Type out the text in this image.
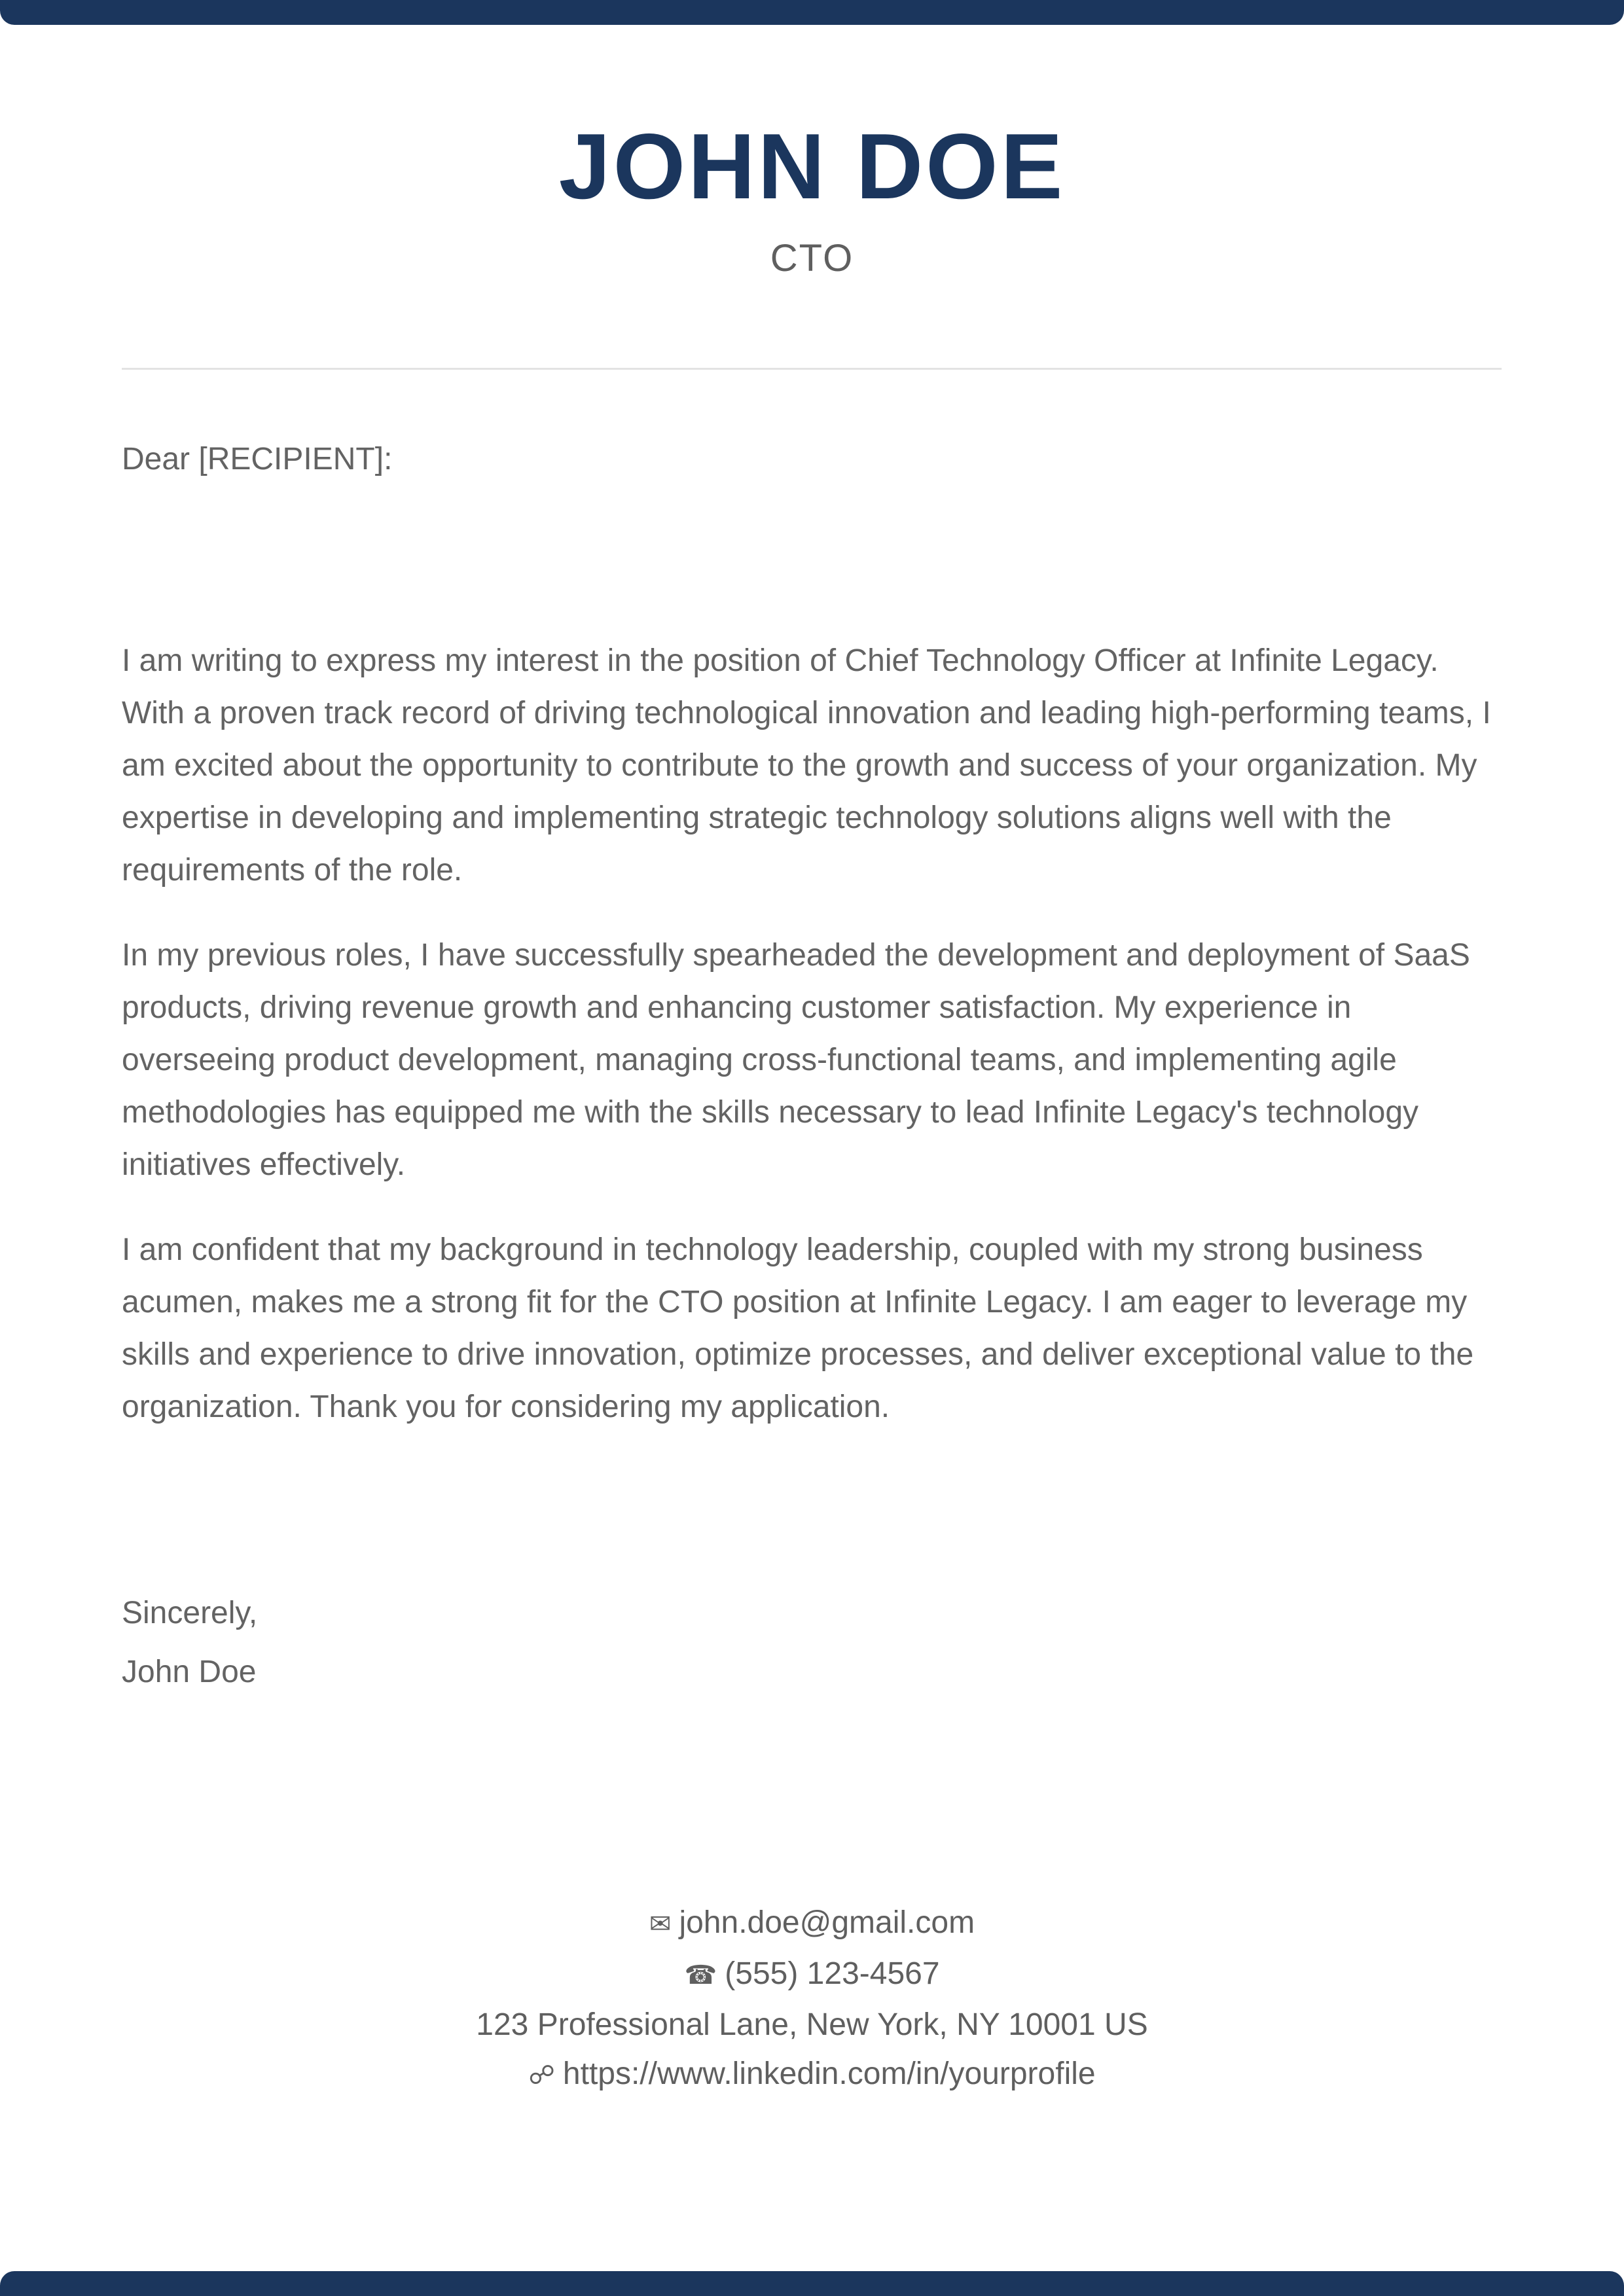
JOHN DOE
CTO
Dear [RECIPIENT]:

I am writing to express my interest in the position of Chief Technology Officer at Infinite Legacy. With a proven track record of driving technological innovation and leading high-performing teams, I am excited about the opportunity to contribute to the growth and success of your organization. My expertise in developing and implementing strategic technology solutions aligns well with the requirements of the role.

In my previous roles, I have successfully spearheaded the development and deployment of SaaS products, driving revenue growth and enhancing customer satisfaction. My experience in overseeing product development, managing cross-functional teams, and implementing agile methodologies has equipped me with the skills necessary to lead Infinite Legacy's technology initiatives effectively.

I am confident that my background in technology leadership, coupled with my strong business acumen, makes me a strong fit for the CTO position at Infinite Legacy. I am eager to leverage my skills and experience to drive innovation, optimize processes, and deliver exceptional value to the organization. Thank you for considering my application.

Sincerely,
John Doe
✉ john.doe@gmail.com
☎ (555) 123-4567
123 Professional Lane, New York, NY 10001 US
☍ https://www.linkedin.com/in/yourprofile
